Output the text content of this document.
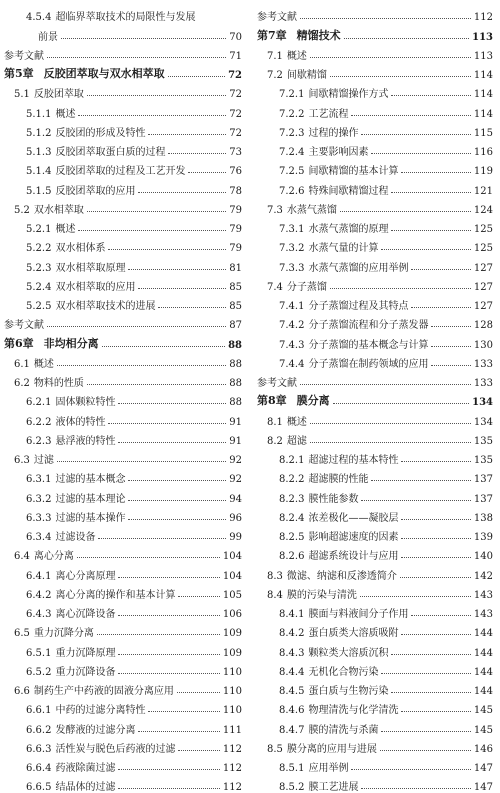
4.5.4 超临界萃取技术的局限性与发展
前景	70
参考文献	71
第5章 反胶团萃取与双水相萃取	72
5.1 反胶团萃取	72
5.1.1 概述	72
5.1.2 反胶团的形成及特性	72
5.1.3 反胶团萃取蛋白质的过程	73
5.1.4 反胶团萃取的过程及工艺开发	76
5.1.5 反胶团萃取的应用	78
5.2 双水相萃取	79
5.2.1 概述	79
5.2.2 双水相体系	79
5.2.3 双水相萃取原理	81
5.2.4 双水相萃取的应用	85
5.2.5 双水相萃取技术的进展	85
参考文献	87
第6章 非均相分离	88
6.1 概述	88
6.2 物料的性质	88
6.2.1 固体颗粒特性	88
6.2.2 液体的特性	91
6.2.3 悬浮液的特性	91
6.3 过滤	92
6.3.1 过滤的基本概念	92
6.3.2 过滤的基本理论	94
6.3.3 过滤的基本操作	96
6.3.4 过滤设备	99
6.4 离心分离	104
6.4.1 离心分离原理	104
6.4.2 离心分离的操作和基本计算	105
6.4.3 离心沉降设备	106
6.5 重力沉降分离	109
6.5.1 重力沉降原理	109
6.5.2 重力沉降设备	110
6.6 制药生产中药液的固液分离应用	110
6.6.1 中药的过滤分离特性	110
6.6.2 发酵液的过滤分离	111
6.6.3 活性炭与脱色后药液的过滤	112
6.6.4 药液除菌过滤	112
6.6.5 结晶体的过滤	112
参考文献	112
第7章 精馏技术	113
7.1 概述	113
7.2 间歇精馏	114
7.2.1 间歇精馏操作方式	114
7.2.2 工艺流程	114
7.2.3 过程的操作	115
7.2.4 主要影响因素	116
7.2.5 间歇精馏的基本计算	119
7.2.6 特殊间歇精馏过程	121
7.3 水蒸气蒸馏	124
7.3.1 水蒸气蒸馏的原理	125
7.3.2 水蒸气量的计算	125
7.3.3 水蒸气蒸馏的应用举例	127
7.4 分子蒸馏	127
7.4.1 分子蒸馏过程及其特点	127
7.4.2 分子蒸馏流程和分子蒸发器	128
7.4.3 分子蒸馏的基本概念与计算	130
7.4.4 分子蒸馏在制药领域的应用	133
参考文献	133
第8章 膜分离	134
8.1 概述	134
8.2 超滤	135
8.2.1 超滤过程的基本特性	135
8.2.2 超滤膜的性能	137
8.2.3 膜性能参数	137
8.2.4 浓差极化——凝胶层	138
8.2.5 影响超滤速度的因素	139
8.2.6 超滤系统设计与应用	140
8.3 微滤、纳滤和反渗透简介	142
8.4 膜的污染与清洗	143
8.4.1 膜面与料液间分子作用	143
8.4.2 蛋白质类大溶质吸附	144
8.4.3 颗粒类大溶质沉积	144
8.4.4 无机化合物污染	144
8.4.5 蛋白质与生物污染	144
8.4.6 物理清洗与化学清洗	145
8.4.7 膜的清洗与杀菌	145
8.5 膜分离的应用与进展	146
8.5.1 应用举例	147
8.5.2 膜工艺进展	147
